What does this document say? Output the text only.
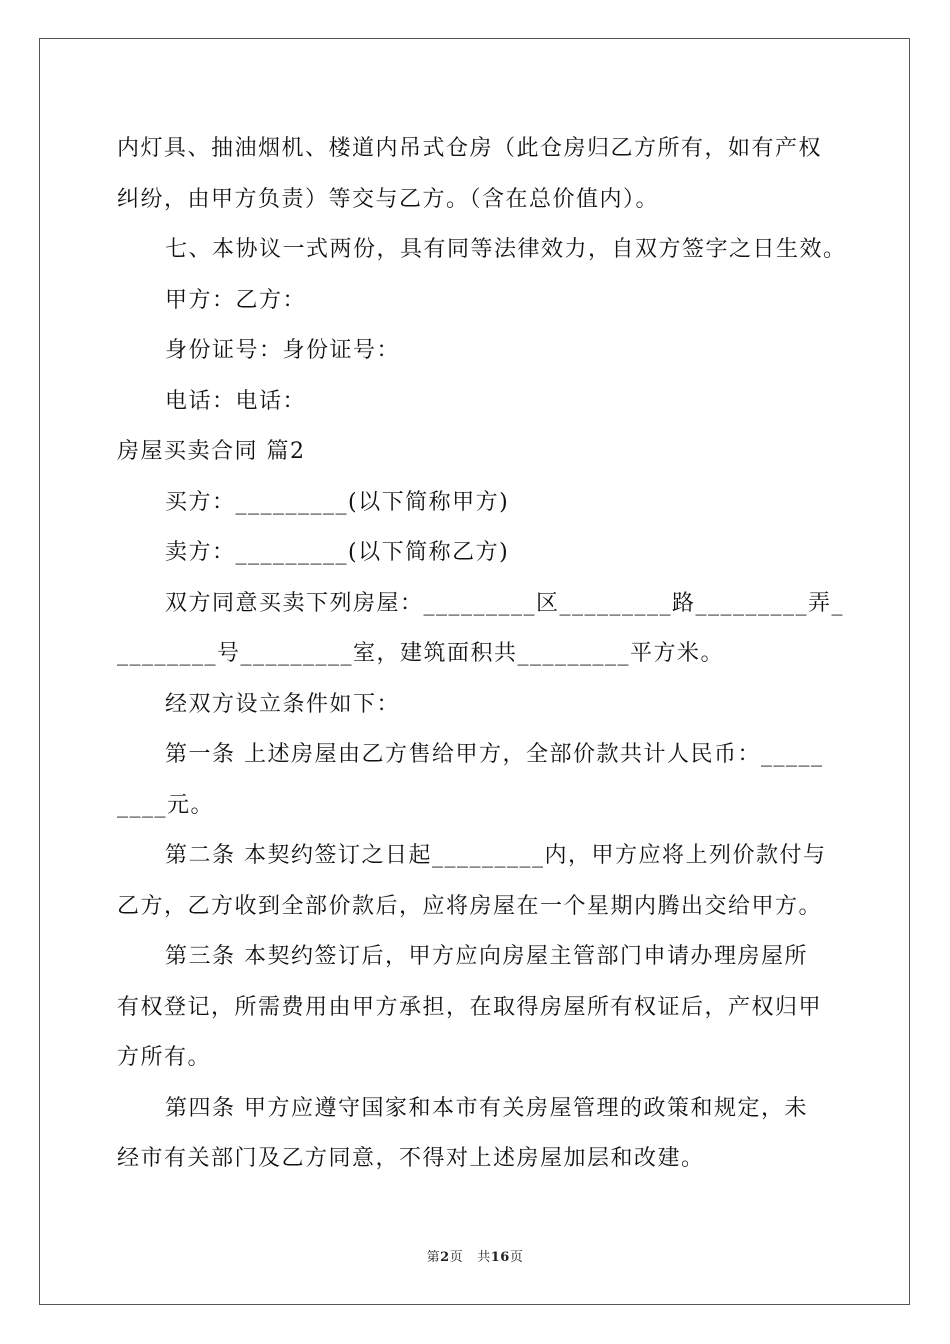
内灯具、抽油烟机、楼道内吊式仓房（此仓房归乙方所有，如有产权
纠纷，由甲方负责）等交与乙方。（含在总价值内）。
七、本协议一式两份，具有同等法律效力，自双方签字之日生效。
甲方：乙方：
身份证号：身份证号：
电话：电话：
房屋买卖合同 篇2
买方：_________(以下简称甲方)
卖方：_________(以下简称乙方)
双方同意买卖下列房屋：_________区_________路_________弄_
________号_________室，建筑面积共_________平方米。
经双方设立条件如下：
第一条 上述房屋由乙方售给甲方，全部价款共计人民币：_____
____元。
第二条 本契约签订之日起_________内，甲方应将上列价款付与
乙方，乙方收到全部价款后，应将房屋在一个星期内腾出交给甲方。
第三条 本契约签订后，甲方应向房屋主管部门申请办理房屋所
有权登记，所需费用由甲方承担，在取得房屋所有权证后，产权归甲
方所有。
第四条 甲方应遵守国家和本市有关房屋管理的政策和规定，未
经市有关部门及乙方同意，不得对上述房屋加层和改建。
第2页 共16页
